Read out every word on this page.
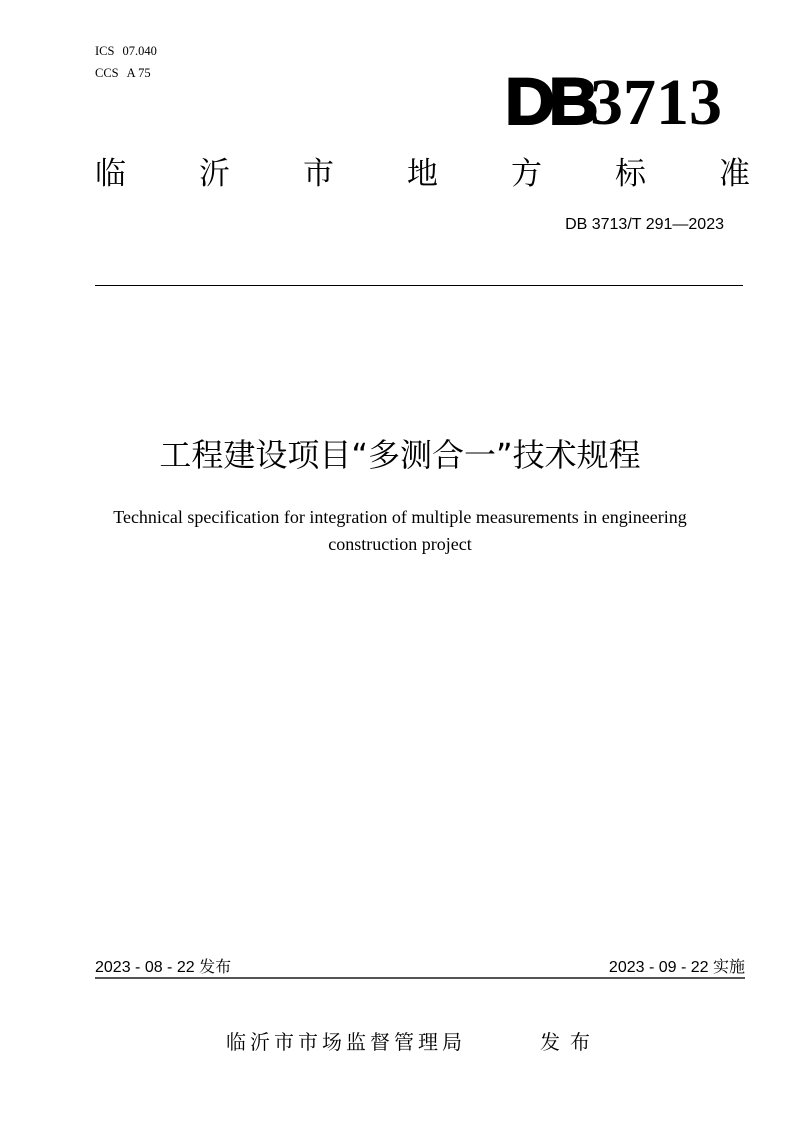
ICS 07.040
CCS A 75	DB3713
临 沂 市 地 方 标 准
DB 3713/T 291—2023
工程建设项目“多测合一”技术规程
Technical specification for integration of multiple measurements in engineering
construction project
2023 - 08 - 22 发布	2023 - 09 - 22 实施
临沂市市场监督管理局	发布
